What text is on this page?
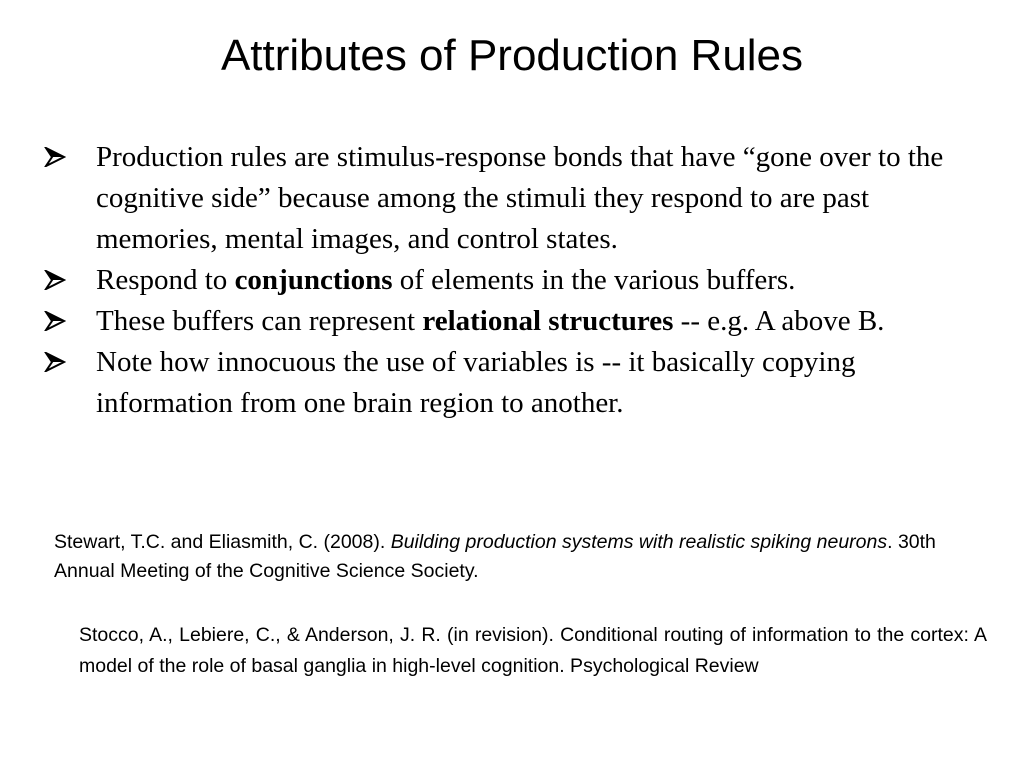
Attributes of Production Rules
Production rules are stimulus-response bonds that have “gone over to the cognitive side” because among the stimuli they respond to are past memories, mental images, and control states.
Respond to conjunctions of elements in the various buffers.
These buffers can represent relational structures -- e.g. A above B.
Note how innocuous the use of variables is -- it basically copying information from one brain region to another.

Stewart, T.C. and Eliasmith, C. (2008). Building production systems with realistic spiking neurons. 30th Annual Meeting of the Cognitive Science Society.

Stocco, A., Lebiere, C., & Anderson, J. R. (in revision). Conditional routing of information to the cortex: A model of the role of basal ganglia in high-level cognition. Psychological Review
